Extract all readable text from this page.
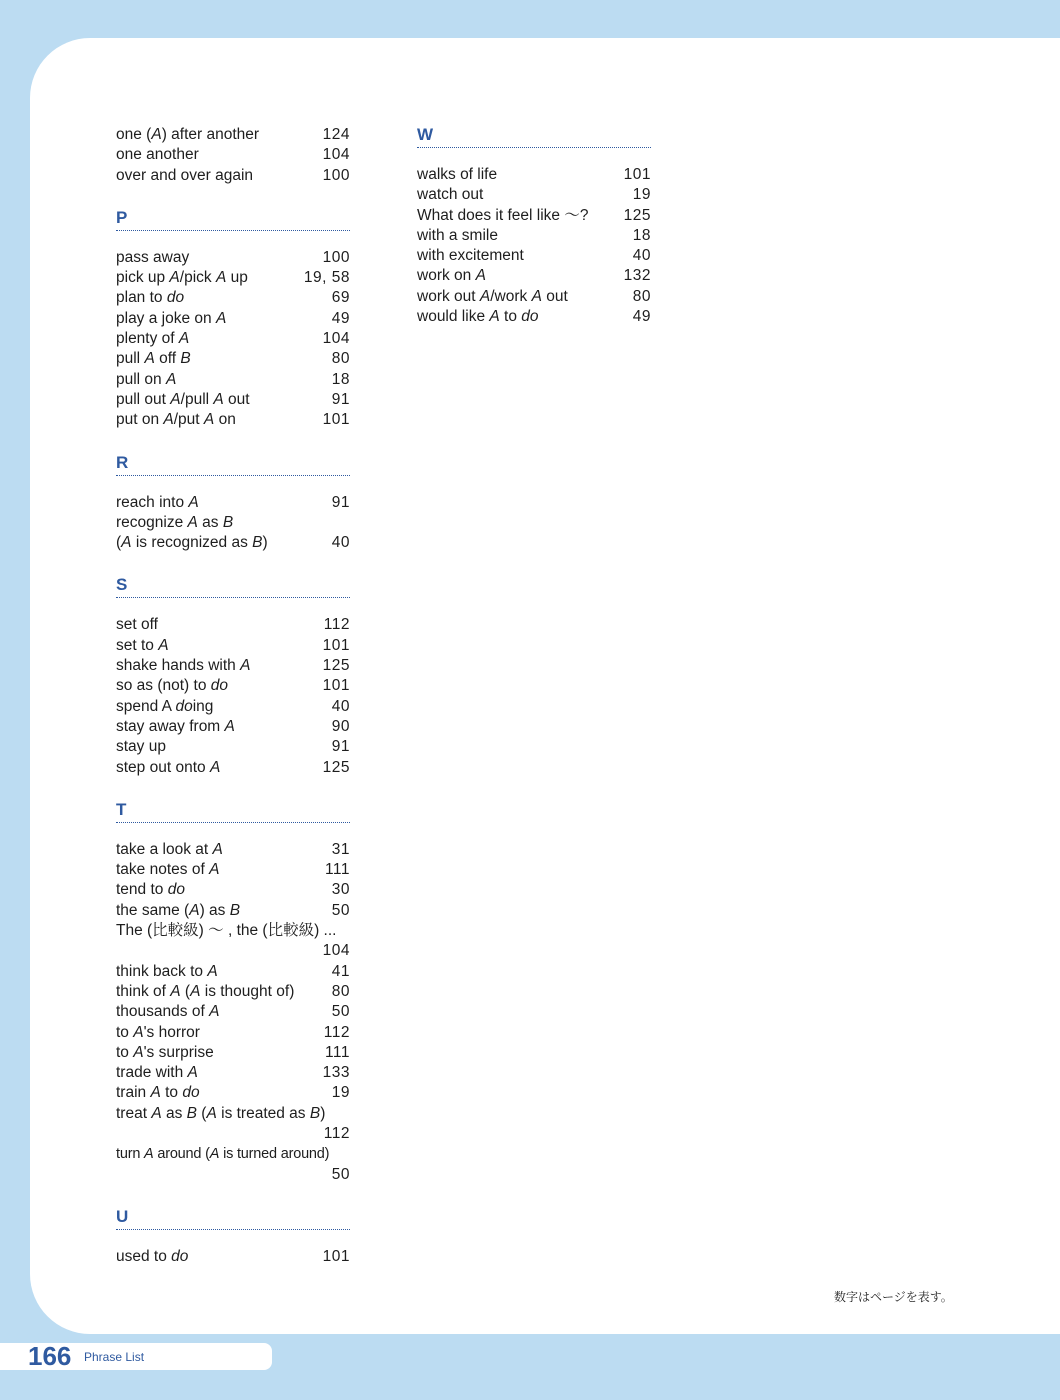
one (A) after another	124
one another	104
over and over again	100
P
pass away	100
pick up A/pick A up	19, 58
plan to do	69
play a joke on A	49
plenty of A	104
pull A off B	80
pull on A	18
pull out A/pull A out	91
put on A/put A on	101
R
reach into A	91
recognize A as B
(A is recognized as B)	40
S
set off	112
set to A	101
shake hands with A	125
so as (not) to do	101
spend A doing	40
stay away from A	90
stay up	91
step out onto A	125
T
take a look at A	31
take notes of A	111
tend to do	30
the same (A) as B	50
The (比較級) ～ , the (比較級) ...
104
think back to A	41
think of A (A is thought of)	80
thousands of A	50
to A's horror	112
to A's surprise	111
trade with A	133
train A to do	19
treat A as B (A is treated as B)
112
turn A around (A is turned around)
50
U
used to do	101
W
walks of life	101
watch out	19
What does it feel like ～?	125
with a smile	18
with excitement	40
work on A	132
work out A/work A out	80
would like A to do	49
数字はページを表す。
166 Phrase List
